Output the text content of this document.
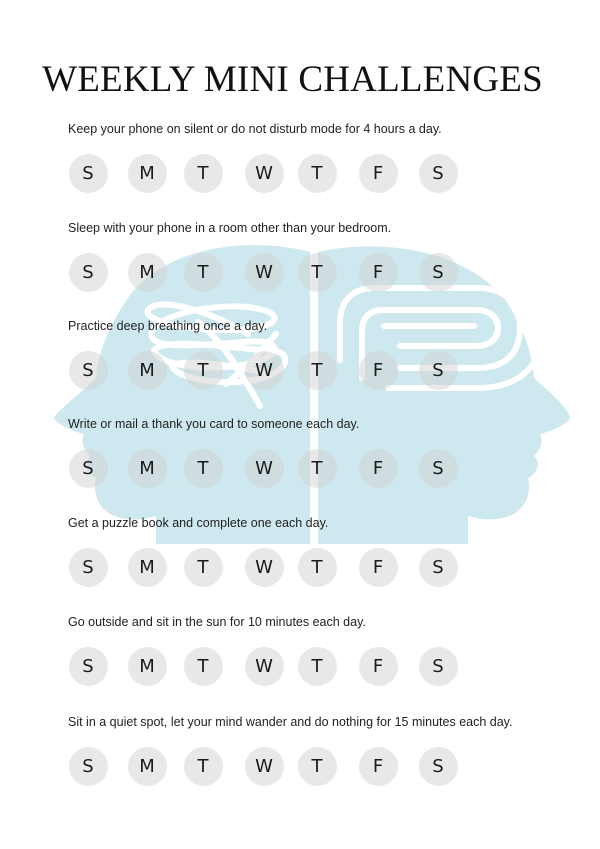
WEEKLY MINI CHALLENGES
Keep your phone on silent or do not disturb mode for 4 hours a day.
S	M	T	W	T	F	S
Sleep with your phone in a room other than your bedroom.
S	M	T	W	T	F	S
Practice deep breathing once a day.
S	M	T	W	T	F	S
Write or mail a thank you card to someone each day.
S	M	T	W	T	F	S
Get a puzzle book and complete one each day.
S	M	T	W	T	F	S
Go outside and sit in the sun for 10 minutes each day.
S	M	T	W	T	F	S
Sit in a quiet spot, let your mind wander and do nothing for 15 minutes each day.
S	M	T	W	T	F	S
